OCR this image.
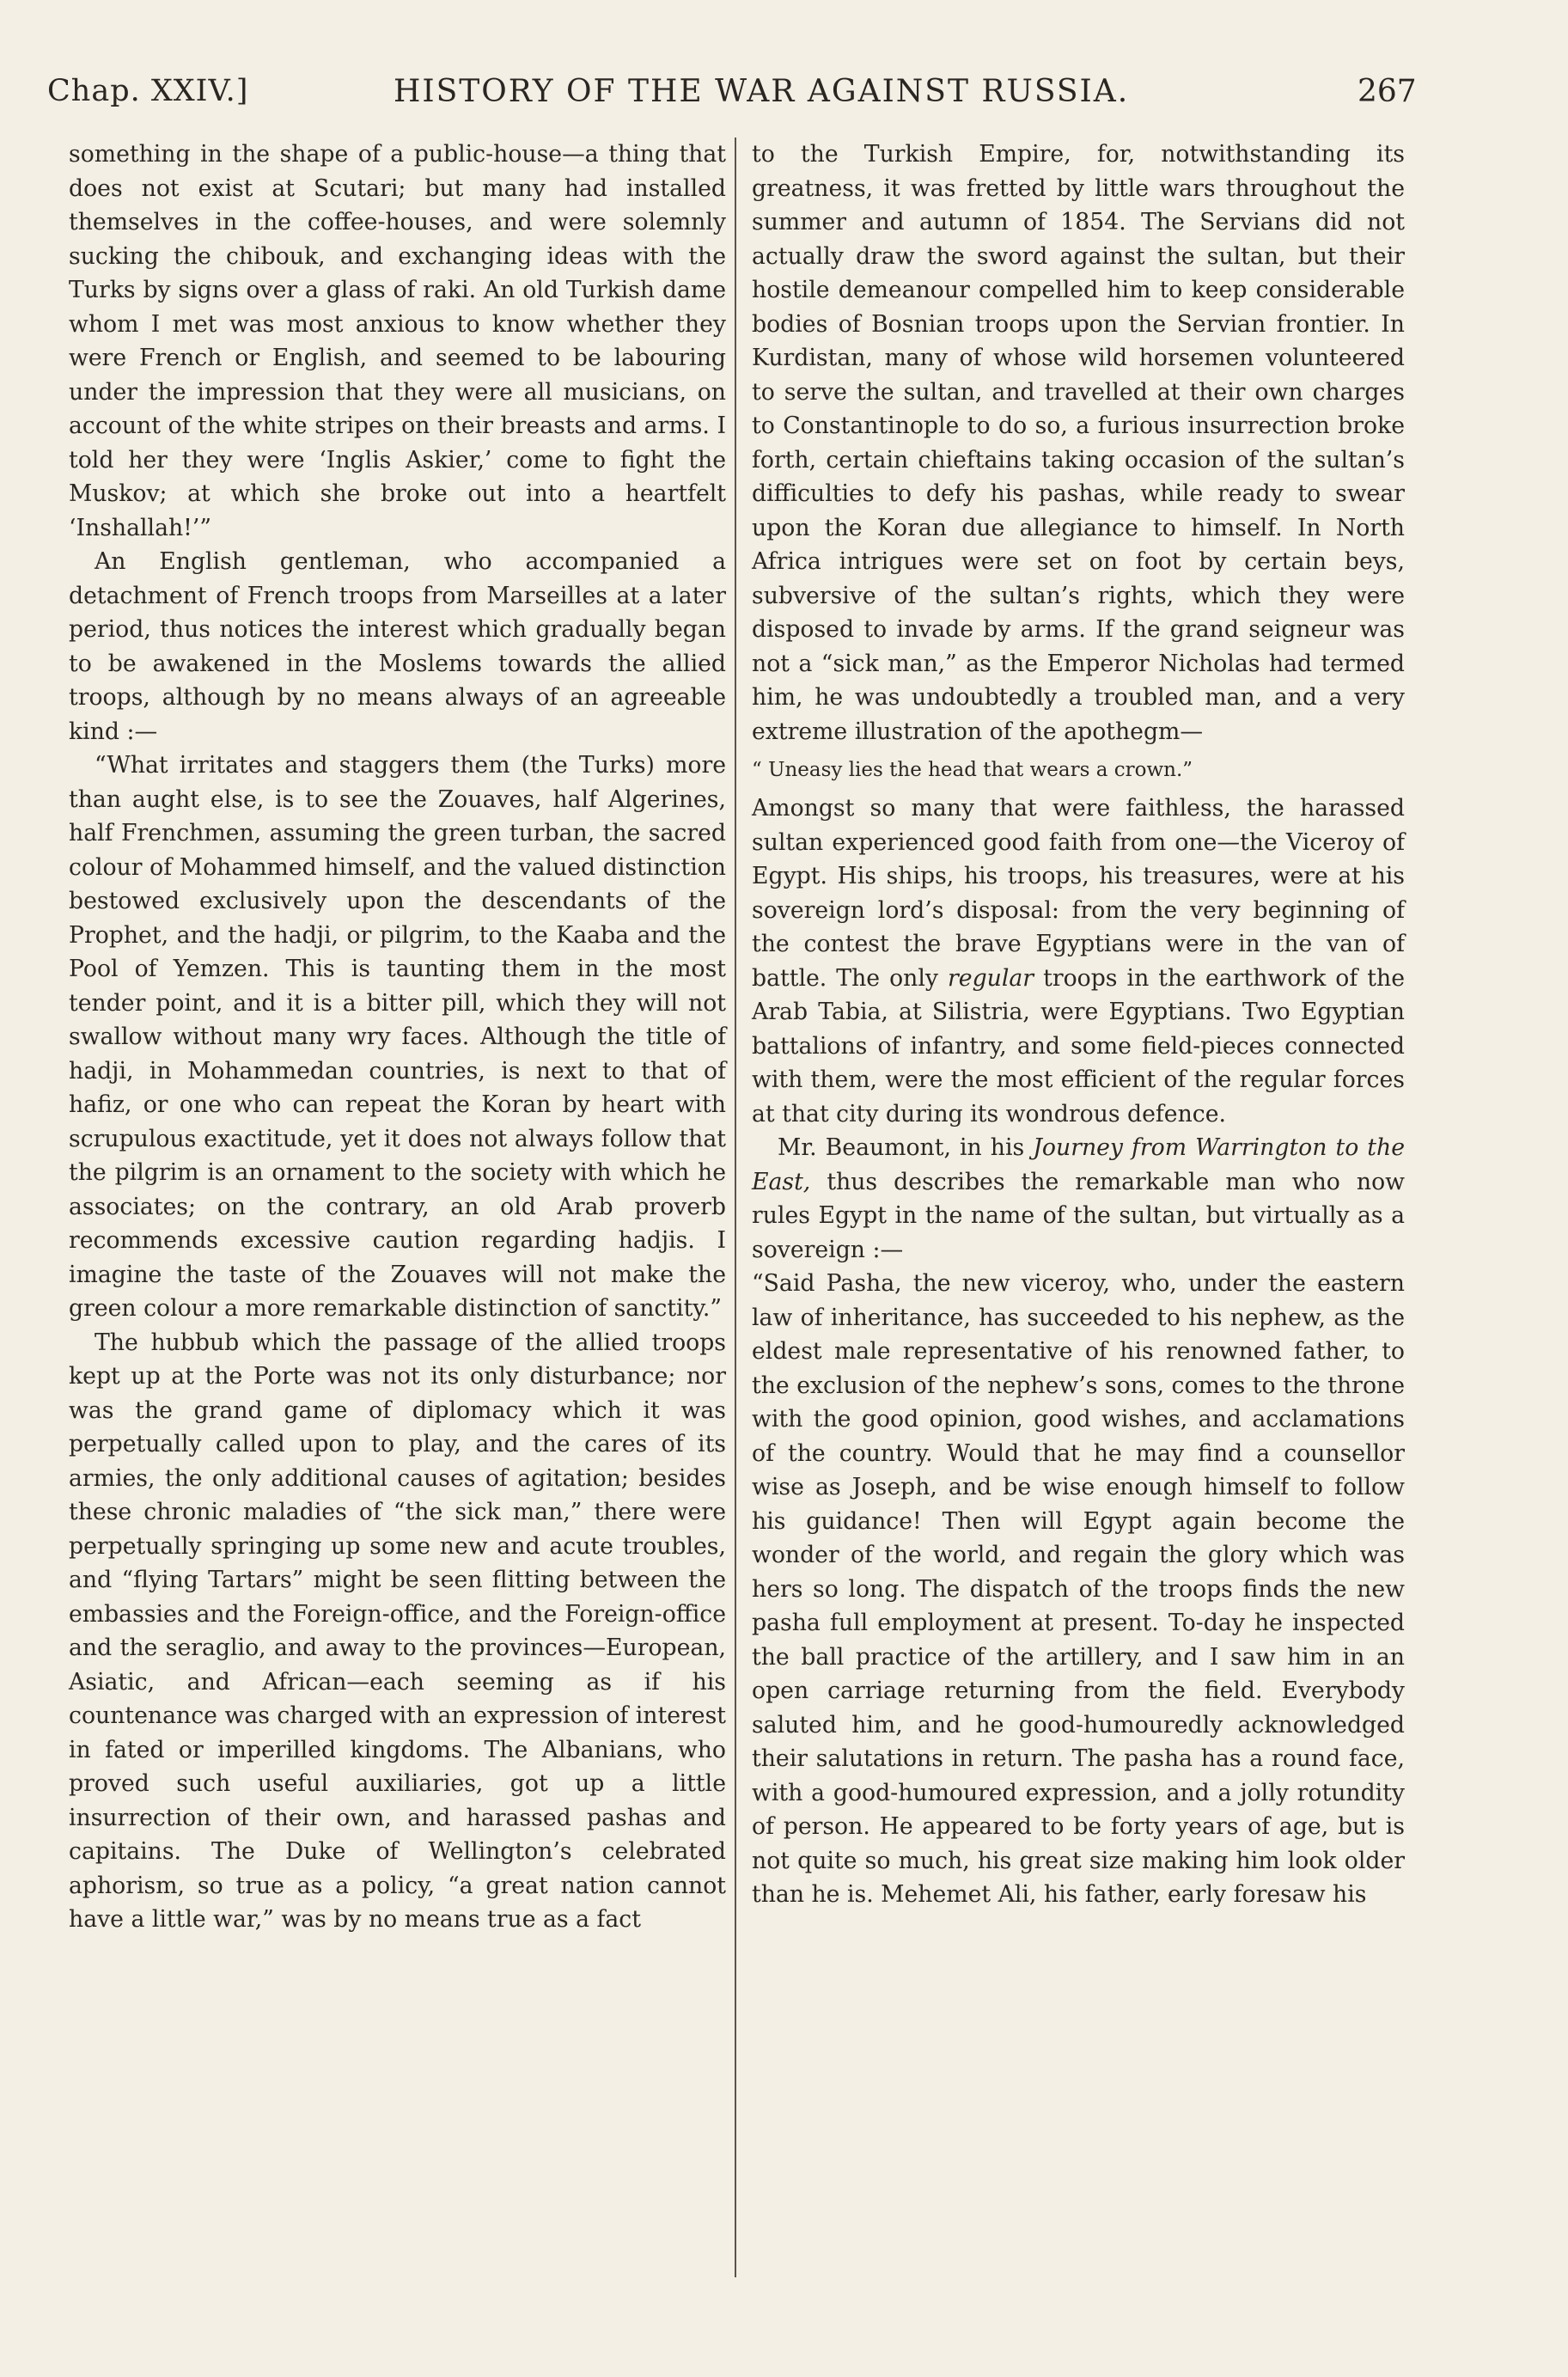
Chap. XXIV.]	HISTORY OF THE WAR AGAINST RUSSIA.	267

something in the shape of a public-house—a thing that does not exist at Scutari; but many had installed themselves in the coffee-houses, and were solemnly sucking the chibouk, and exchanging ideas with the Turks by signs over a glass of raki. An old Turkish dame whom I met was most anxious to know whether they were French or English, and seemed to be labouring under the impression that they were all musicians, on account of the white stripes on their breasts and arms. I told her they were ‘Inglis Askier,’ come to fight the Muskov; at which she broke out into a heartfelt ‘Inshallah!’”

An English gentleman, who accompanied a detachment of French troops from Marseilles at a later period, thus notices the interest which gradually began to be awakened in the Moslems towards the allied troops, although by no means always of an agreeable kind :—

“What irritates and staggers them (the Turks) more than aught else, is to see the Zouaves, half Algerines, half Frenchmen, assuming the green turban, the sacred colour of Mohammed himself, and the valued distinction bestowed exclusively upon the descendants of the Prophet, and the hadji, or pilgrim, to the Kaaba and the Pool of Yemzen. This is taunting them in the most tender point, and it is a bitter pill, which they will not swallow without many wry faces. Although the title of hadji, in Mohammedan countries, is next to that of hafiz, or one who can repeat the Koran by heart with scrupulous exactitude, yet it does not always follow that the pilgrim is an ornament to the society with which he associates; on the contrary, an old Arab proverb recommends excessive caution regarding hadjis. I imagine the taste of the Zouaves will not make the green colour a more remarkable distinction of sanctity.”

The hubbub which the passage of the allied troops kept up at the Porte was not its only disturbance; nor was the grand game of diplomacy which it was perpetually called upon to play, and the cares of its armies, the only additional causes of agitation; besides these chronic maladies of “the sick man,” there were perpetually springing up some new and acute troubles, and “flying Tartars” might be seen flitting between the embassies and the Foreign-office, and the Foreign-office and the seraglio, and away to the provinces—European, Asiatic, and African—each seeming as if his countenance was charged with an expression of interest in fated or imperilled kingdoms. The Albanians, who proved such useful auxiliaries, got up a little insurrection of their own, and harassed pashas and capitains. The Duke of Wellington’s celebrated aphorism, so true as a policy, “a great nation cannot have a little war,” was by no means true as a fact

to the Turkish Empire, for, notwithstanding its greatness, it was fretted by little wars throughout the summer and autumn of 1854. The Servians did not actually draw the sword against the sultan, but their hostile demeanour compelled him to keep considerable bodies of Bosnian troops upon the Servian frontier. In Kurdistan, many of whose wild horsemen volunteered to serve the sultan, and travelled at their own charges to Constantinople to do so, a furious insurrection broke forth, certain chieftains taking occasion of the sultan’s difficulties to defy his pashas, while ready to swear upon the Koran due allegiance to himself. In North Africa intrigues were set on foot by certain beys, subversive of the sultan’s rights, which they were disposed to invade by arms. If the grand seigneur was not a “sick man,” as the Emperor Nicholas had termed him, he was undoubtedly a troubled man, and a very extreme illustration of the apothegm—

“ Uneasy lies the head that wears a crown.”

Amongst so many that were faithless, the harassed sultan experienced good faith from one—the Viceroy of Egypt. His ships, his troops, his treasures, were at his sovereign lord’s disposal: from the very beginning of the contest the brave Egyptians were in the van of battle. The only regular troops in the earthwork of the Arab Tabia, at Silistria, were Egyptians. Two Egyptian battalions of infantry, and some field-pieces connected with them, were the most efficient of the regular forces at that city during its wondrous defence.

Mr. Beaumont, in his Journey from Warrington to the East, thus describes the remarkable man who now rules Egypt in the name of the sultan, but virtually as a sovereign :—

“Said Pasha, the new viceroy, who, under the eastern law of inheritance, has succeeded to his nephew, as the eldest male representative of his renowned father, to the exclusion of the nephew’s sons, comes to the throne with the good opinion, good wishes, and acclamations of the country. Would that he may find a counsellor wise as Joseph, and be wise enough himself to follow his guidance! Then will Egypt again become the wonder of the world, and regain the glory which was hers so long. The dispatch of the troops finds the new pasha full employment at present. To-day he inspected the ball practice of the artillery, and I saw him in an open carriage returning from the field. Everybody saluted him, and he good-humouredly acknowledged their salutations in return. The pasha has a round face, with a good-humoured expression, and a jolly rotundity of person. He appeared to be forty years of age, but is not quite so much, his great size making him look older than he is. Mehemet Ali, his father, early foresaw his
